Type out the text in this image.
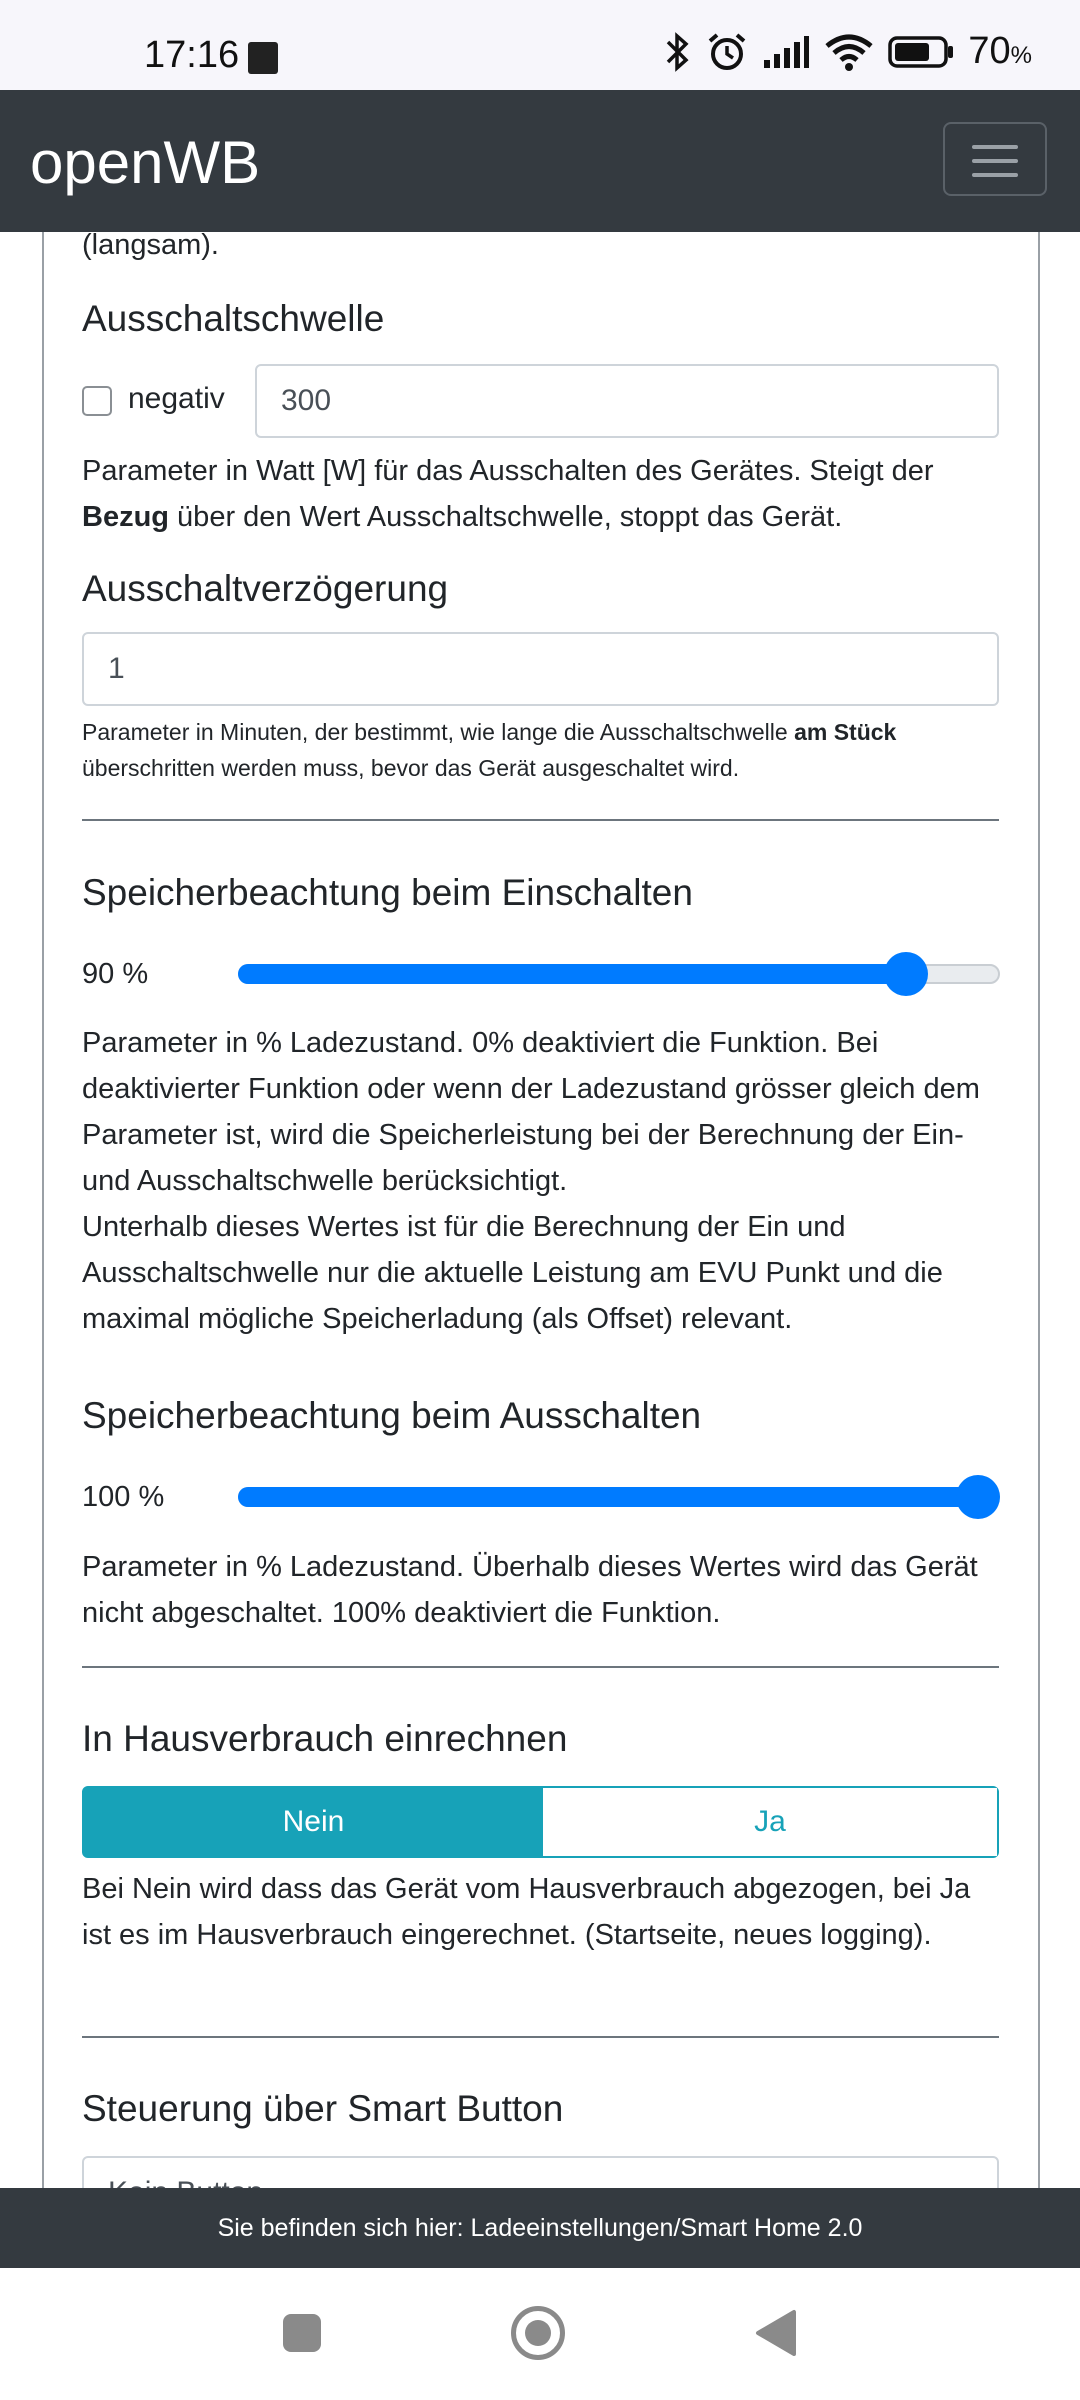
17:16	70%
openWB
(langsam).
Ausschaltschwelle
negativ	300
Parameter in Watt [W] für das Ausschalten des Gerätes. Steigt der Bezug über den Wert Ausschaltschwelle, stoppt das Gerät.
Ausschaltverzögerung
1
Parameter in Minuten, der bestimmt, wie lange die Ausschaltschwelle am Stück überschritten werden muss, bevor das Gerät ausgeschaltet wird.
Speicherbeachtung beim Einschalten
90 %
Parameter in % Ladezustand. 0% deaktiviert die Funktion. Bei deaktivierter Funktion oder wenn der Ladezustand grösser gleich dem Parameter ist, wird die Speicherleistung bei der Berechnung der Ein- und Ausschaltschwelle berücksichtigt.
Unterhalb dieses Wertes ist für die Berechnung der Ein und Ausschaltschwelle nur die aktuelle Leistung am EVU Punkt und die maximal mögliche Speicherladung (als Offset) relevant.
Speicherbeachtung beim Ausschalten
100 %
Parameter in % Ladezustand. Überhalb dieses Wertes wird das Gerät nicht abgeschaltet. 100% deaktiviert die Funktion.
In Hausverbrauch einrechnen
Nein	Ja
Bei Nein wird dass das Gerät vom Hausverbrauch abgezogen, bei Ja ist es im Hausverbrauch eingerechnet. (Startseite, neues logging).
Steuerung über Smart Button
Sie befinden sich hier: Ladeeinstellungen/Smart Home 2.0
